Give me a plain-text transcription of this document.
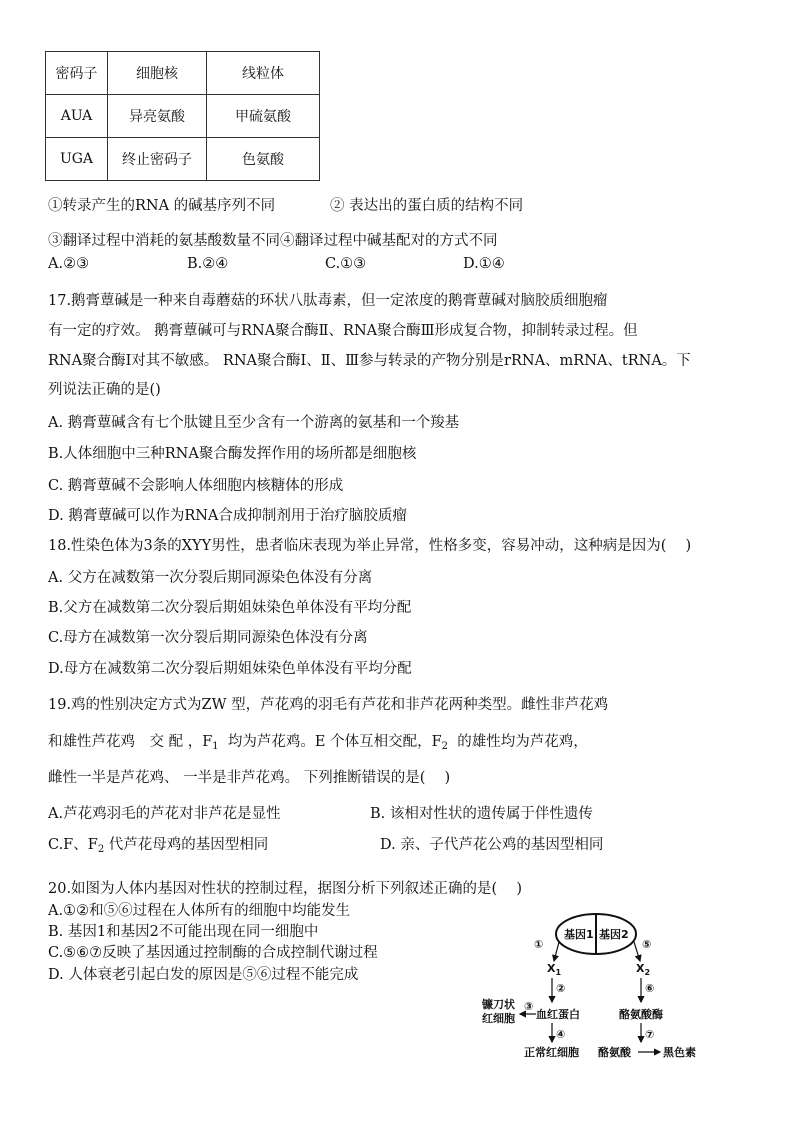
密码子	细胞核	线粒体
AUA	异亮氨酸	甲硫氨酸
UGA	终止密码子	色氨酸
①转录产生的RNA 的碱基序列不同	② 表达出的蛋白质的结构不同
③翻译过程中消耗的氨基酸数量不同④翻译过程中碱基配对的方式不同
A.②③	B.②④	C.①③	D.①④
17.鹅膏蕈碱是一种来自毒蘑菇的环状八肽毒素，但一定浓度的鹅膏蕈碱对脑胶质细胞瘤
有一定的疗效。 鹅膏蕈碱可与RNA聚合酶Ⅱ、RNA聚合酶Ⅲ形成复合物，抑制转录过程。但
RNA聚合酶Ⅰ对其不敏感。 RNA聚合酶Ⅰ、Ⅱ、Ⅲ参与转录的产物分别是rRNA、mRNA、tRNA。下
列说法正确的是()
A. 鹅膏蕈碱含有七个肽键且至少含有一个游离的氨基和一个羧基
B.人体细胞中三种RNA聚合酶发挥作用的场所都是细胞核
C. 鹅膏蕈碱不会影响人体细胞内核糖体的形成
D. 鹅膏蕈碱可以作为RNA合成抑制剂用于治疗脑胶质瘤
18.性染色体为3条的XYY男性，患者临床表现为举止异常，性格多变，容易冲动，这种病是因为(　 )
A. 父方在减数第一次分裂后期同源染色体没有分离
B.父方在减数第二次分裂后期姐妹染色单体没有平均分配
C.母方在减数第一次分裂后期同源染色体没有分离
D.母方在减数第二次分裂后期姐妹染色单体没有平均分配
19.鸡的性别决定方式为ZW 型，芦花鸡的羽毛有芦花和非芦花两种类型。雌性非芦花鸡
和雄性芦花鸡　交 配 ，$F_1$ 均为芦花鸡。E 个体互相交配，$F_2$ 的雄性均为芦花鸡，
雌性一半是芦花鸡、 一半是非芦花鸡。 下列推断错误的是(　 )
A.芦花鸡羽毛的芦花对非芦花是显性	B. 该相对性状的遗传属于伴性遗传
C.F、$F_2$ 代芦花母鸡的基因型相同	D. 亲、子代芦花公鸡的基因型相同
20.如图为人体内基因对性状的控制过程，据图分析下列叙述正确的是(　 )
A.①②和⑤⑥过程在人体所有的细胞中均能发生
B. 基因1和基因2不可能出现在同一细胞中
C.⑤⑥⑦反映了基因通过控制酶的合成控制代谢过程
D. 人体衰老引起白发的原因是⑤⑥过程不能完成
基因1 基因2
①
$X_1$
②
血红蛋白
③
镰刀状
红细胞
④
正常红细胞
⑤
$X_2$
⑥
酪氨酸酶
⑦
酪氨酸	黑色素
